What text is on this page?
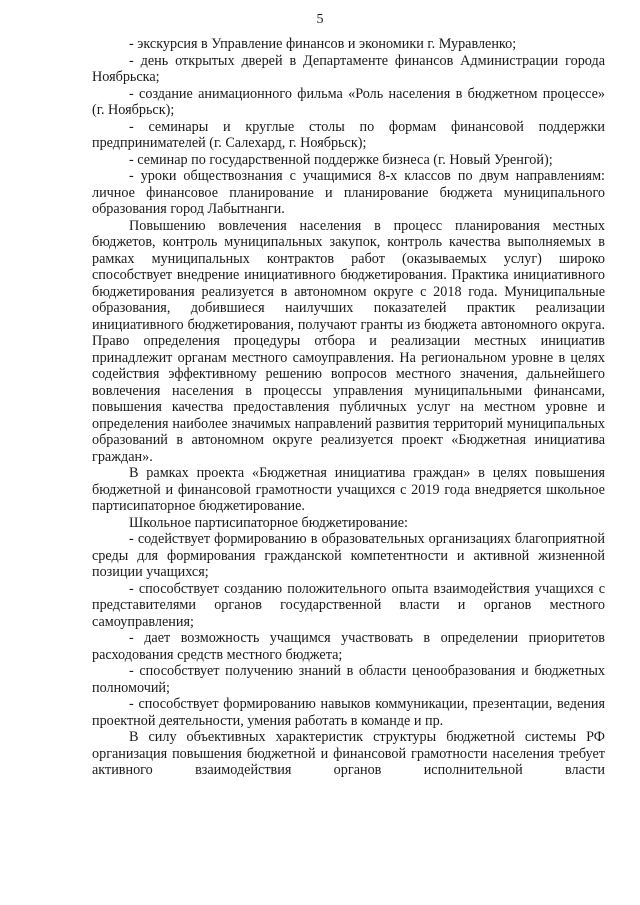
5

- экскурсия в Управление финансов и экономики г. Муравленко;

- день открытых дверей в Департаменте финансов Администрации города Ноябрьска;

- создание анимационного фильма «Роль населения в бюджетном процессе» (г. Ноябрьск);

- семинары и круглые столы по формам финансовой поддержки предпринимателей (г. Салехард, г. Ноябрьск);

- семинар по государственной поддержке бизнеса (г. Новый Уренгой);

- уроки обществознания с учащимися 8-х классов по двум направлениям: личное финансовое планирование и планирование бюджета муниципального образования город Лабытнанги.

Повышению вовлечения населения в процесс планирования местных бюджетов, контроль муниципальных закупок, контроль качества выполняемых в рамках муниципальных контрактов работ (оказываемых услуг) широко способствует внедрение инициативного бюджетирования. Практика инициативного бюджетирования реализуется в автономном округе с 2018 года. Муниципальные образования, добившиеся наилучших показателей практик реализации инициативного бюджетирования, получают гранты из бюджета автономного округа. Право определения процедуры отбора и реализации местных инициатив принадлежит органам местного самоуправления. На региональном уровне в целях содействия эффективному решению вопросов местного значения, дальнейшего вовлечения населения в процессы управления муниципальными финансами, повышения качества предоставления публичных услуг на местном уровне и определения наиболее значимых направлений развития территорий муниципальных образований в автономном округе реализуется проект «Бюджетная инициатива граждан».

В рамках проекта «Бюджетная инициатива граждан» в целях повышения бюджетной и финансовой грамотности учащихся с 2019 года внедряется школьное партисипаторное бюджетирование.

Школьное партисипаторное бюджетирование:

- содействует формированию в образовательных организациях благоприятной среды для формирования гражданской компетентности и активной жизненной позиции учащихся;

- способствует созданию положительного опыта взаимодействия учащихся с представителями органов государственной власти и органов местного самоуправления;

- дает возможность учащимся участвовать в определении приоритетов расходования средств местного бюджета;

- способствует получению знаний в области ценообразования и бюджетных полномочий;

- способствует формированию навыков коммуникации, презентации, ведения проектной деятельности, умения работать в команде и пр.

В силу объективных характеристик структуры бюджетной системы РФ организация повышения бюджетной и финансовой грамотности населения требует активного взаимодействия органов исполнительной власти
